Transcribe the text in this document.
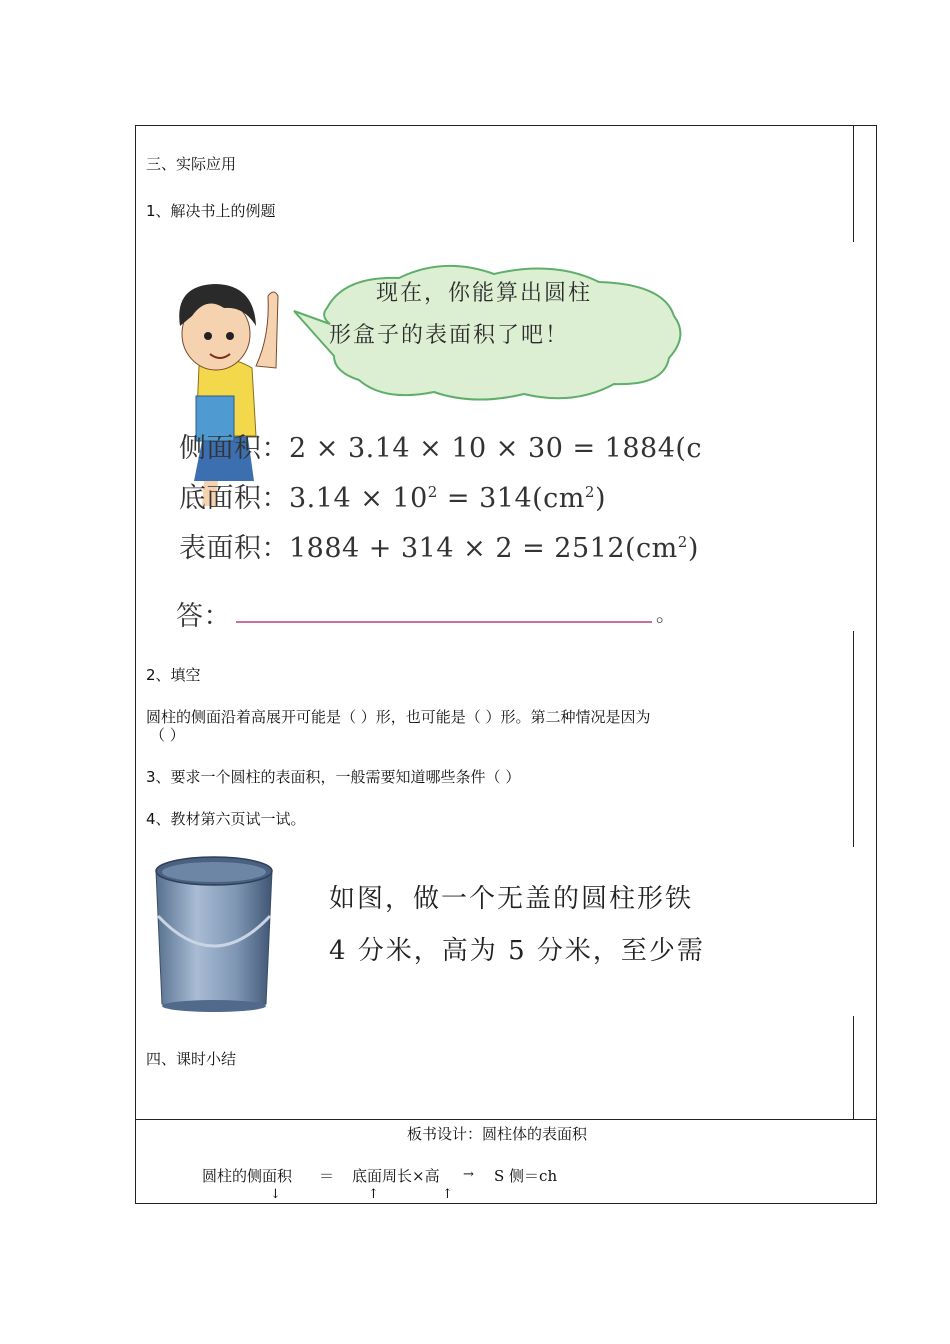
三、实际应用
1、解决书上的例题
现在，你能算出圆柱
形盒子的表面积了吧！
侧面积：2 × 3.14 × 10 × 30 = 1884(c
底面积：$3.14 \times 10^2 = 314(cm^2)$
表面积：$1884 + 314 \times 2 = 2512(cm^2)$
答：	。
2、填空
圆柱的侧面沿着高展开可能是（ ）形，也可能是（ ）形。第二种情况是因为
（ ）
3、要求一个圆柱的表面积，一般需要知道哪些条件（ ）
4、教材第六页试一试。
如图，做一个无盖的圆柱形铁
4 分米，高为 5 分米，至少需
四、课时小结
板书设计：圆柱体的表面积
圆柱的侧面积 ＝ 底面周长×高 → S 侧＝ch
↓	↑	↑
